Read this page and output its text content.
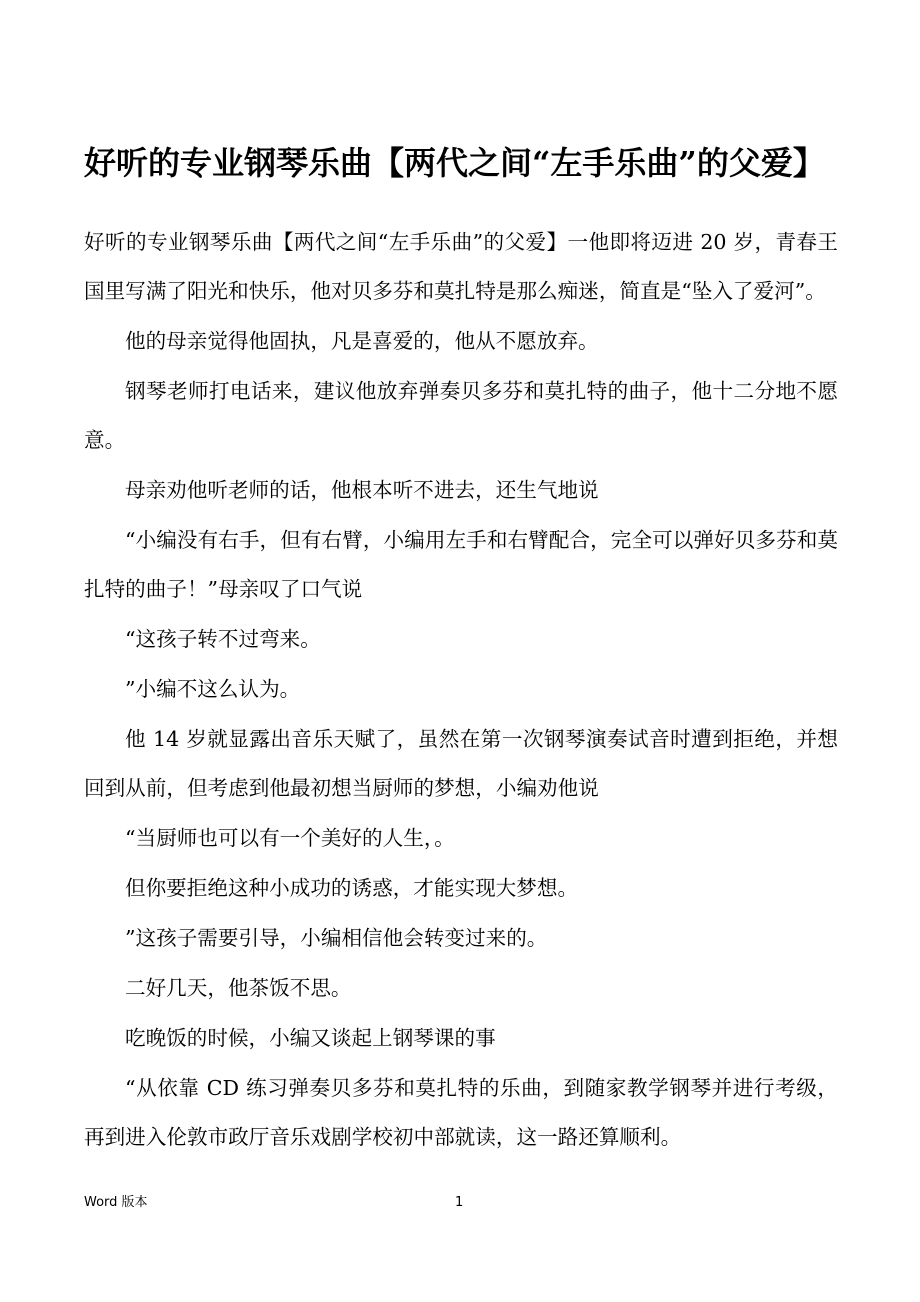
好听的专业钢琴乐曲【两代之间“左手乐曲”的父爱】

好听的专业钢琴乐曲【两代之间“左手乐曲”的父爱】一他即将迈进 20 岁，青春王国里写满了阳光和快乐，他对贝多芬和莫扎特是那么痴迷，简直是“坠入了爱河”。

他的母亲觉得他固执，凡是喜爱的，他从不愿放弃。

钢琴老师打电话来，建议他放弃弹奏贝多芬和莫扎特的曲子，他十二分地不愿意。

母亲劝他听老师的话，他根本听不进去，还生气地说

“小编没有右手，但有右臂，小编用左手和右臂配合，完全可以弹好贝多芬和莫扎特的曲子！”母亲叹了口气说

“这孩子转不过弯来。

”小编不这么认为。

他 14 岁就显露出音乐天赋了，虽然在第一次钢琴演奏试音时遭到拒绝，并想回到从前，但考虑到他最初想当厨师的梦想，小编劝他说

“当厨师也可以有一个美好的人生，。

但你要拒绝这种小成功的诱惑，才能实现大梦想。

”这孩子需要引导，小编相信他会转变过来的。

二好几天，他茶饭不思。

吃晚饭的时候，小编又谈起上钢琴课的事

“从依靠 CD 练习弹奏贝多芬和莫扎特的乐曲，到随家教学钢琴并进行考级，再到进入伦敦市政厅音乐戏剧学校初中部就读，这一路还算顺利。

Word 版本	1
